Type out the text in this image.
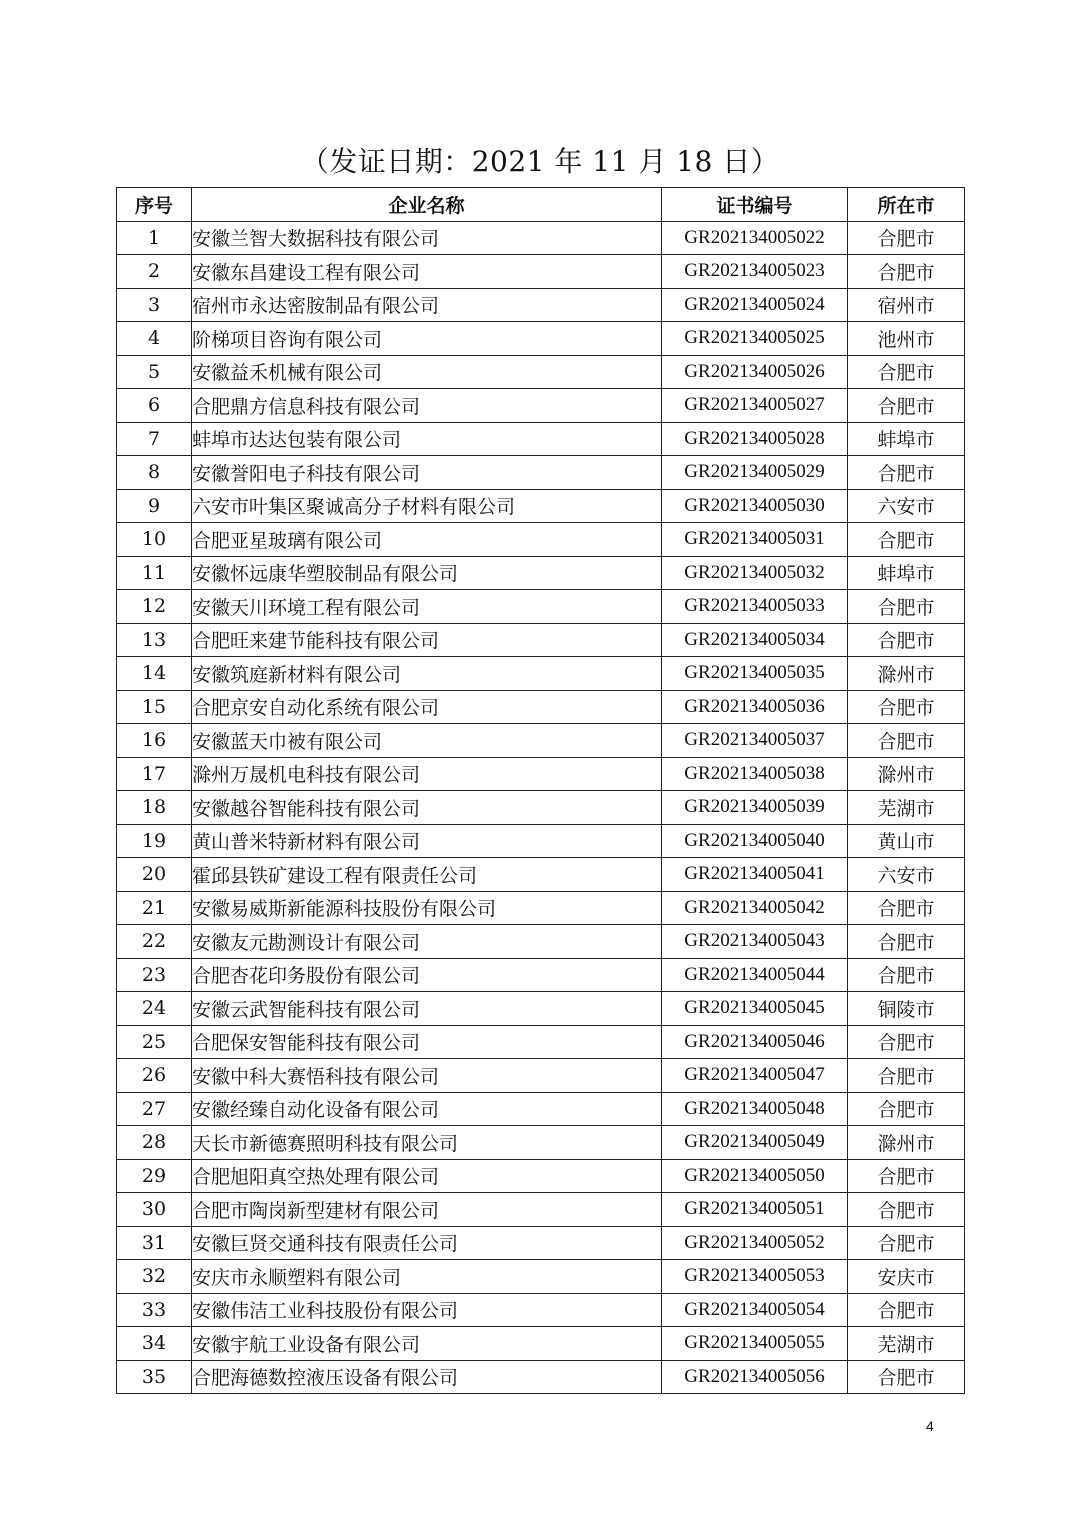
（发证日期：2021 年 11 月 18 日）
序号	企业名称	证书编号	所在市
1	安徽兰智大数据科技有限公司	GR202134005022	合肥市
2	安徽东昌建设工程有限公司	GR202134005023	合肥市
3	宿州市永达密胺制品有限公司	GR202134005024	宿州市
4	阶梯项目咨询有限公司	GR202134005025	池州市
5	安徽益禾机械有限公司	GR202134005026	合肥市
6	合肥鼎方信息科技有限公司	GR202134005027	合肥市
7	蚌埠市达达包装有限公司	GR202134005028	蚌埠市
8	安徽誉阳电子科技有限公司	GR202134005029	合肥市
9	六安市叶集区聚诚高分子材料有限公司	GR202134005030	六安市
10	合肥亚星玻璃有限公司	GR202134005031	合肥市
11	安徽怀远康华塑胶制品有限公司	GR202134005032	蚌埠市
12	安徽天川环境工程有限公司	GR202134005033	合肥市
13	合肥旺来建节能科技有限公司	GR202134005034	合肥市
14	安徽筑庭新材料有限公司	GR202134005035	滁州市
15	合肥京安自动化系统有限公司	GR202134005036	合肥市
16	安徽蓝天巾被有限公司	GR202134005037	合肥市
17	滁州万晟机电科技有限公司	GR202134005038	滁州市
18	安徽越谷智能科技有限公司	GR202134005039	芜湖市
19	黄山普米特新材料有限公司	GR202134005040	黄山市
20	霍邱县铁矿建设工程有限责任公司	GR202134005041	六安市
21	安徽易威斯新能源科技股份有限公司	GR202134005042	合肥市
22	安徽友元勘测设计有限公司	GR202134005043	合肥市
23	合肥杏花印务股份有限公司	GR202134005044	合肥市
24	安徽云武智能科技有限公司	GR202134005045	铜陵市
25	合肥保安智能科技有限公司	GR202134005046	合肥市
26	安徽中科大赛悟科技有限公司	GR202134005047	合肥市
27	安徽经臻自动化设备有限公司	GR202134005048	合肥市
28	天长市新德赛照明科技有限公司	GR202134005049	滁州市
29	合肥旭阳真空热处理有限公司	GR202134005050	合肥市
30	合肥市陶岗新型建材有限公司	GR202134005051	合肥市
31	安徽巨贤交通科技有限责任公司	GR202134005052	合肥市
32	安庆市永顺塑料有限公司	GR202134005053	安庆市
33	安徽伟洁工业科技股份有限公司	GR202134005054	合肥市
34	安徽宇航工业设备有限公司	GR202134005055	芜湖市
35	合肥海德数控液压设备有限公司	GR202134005056	合肥市
4
